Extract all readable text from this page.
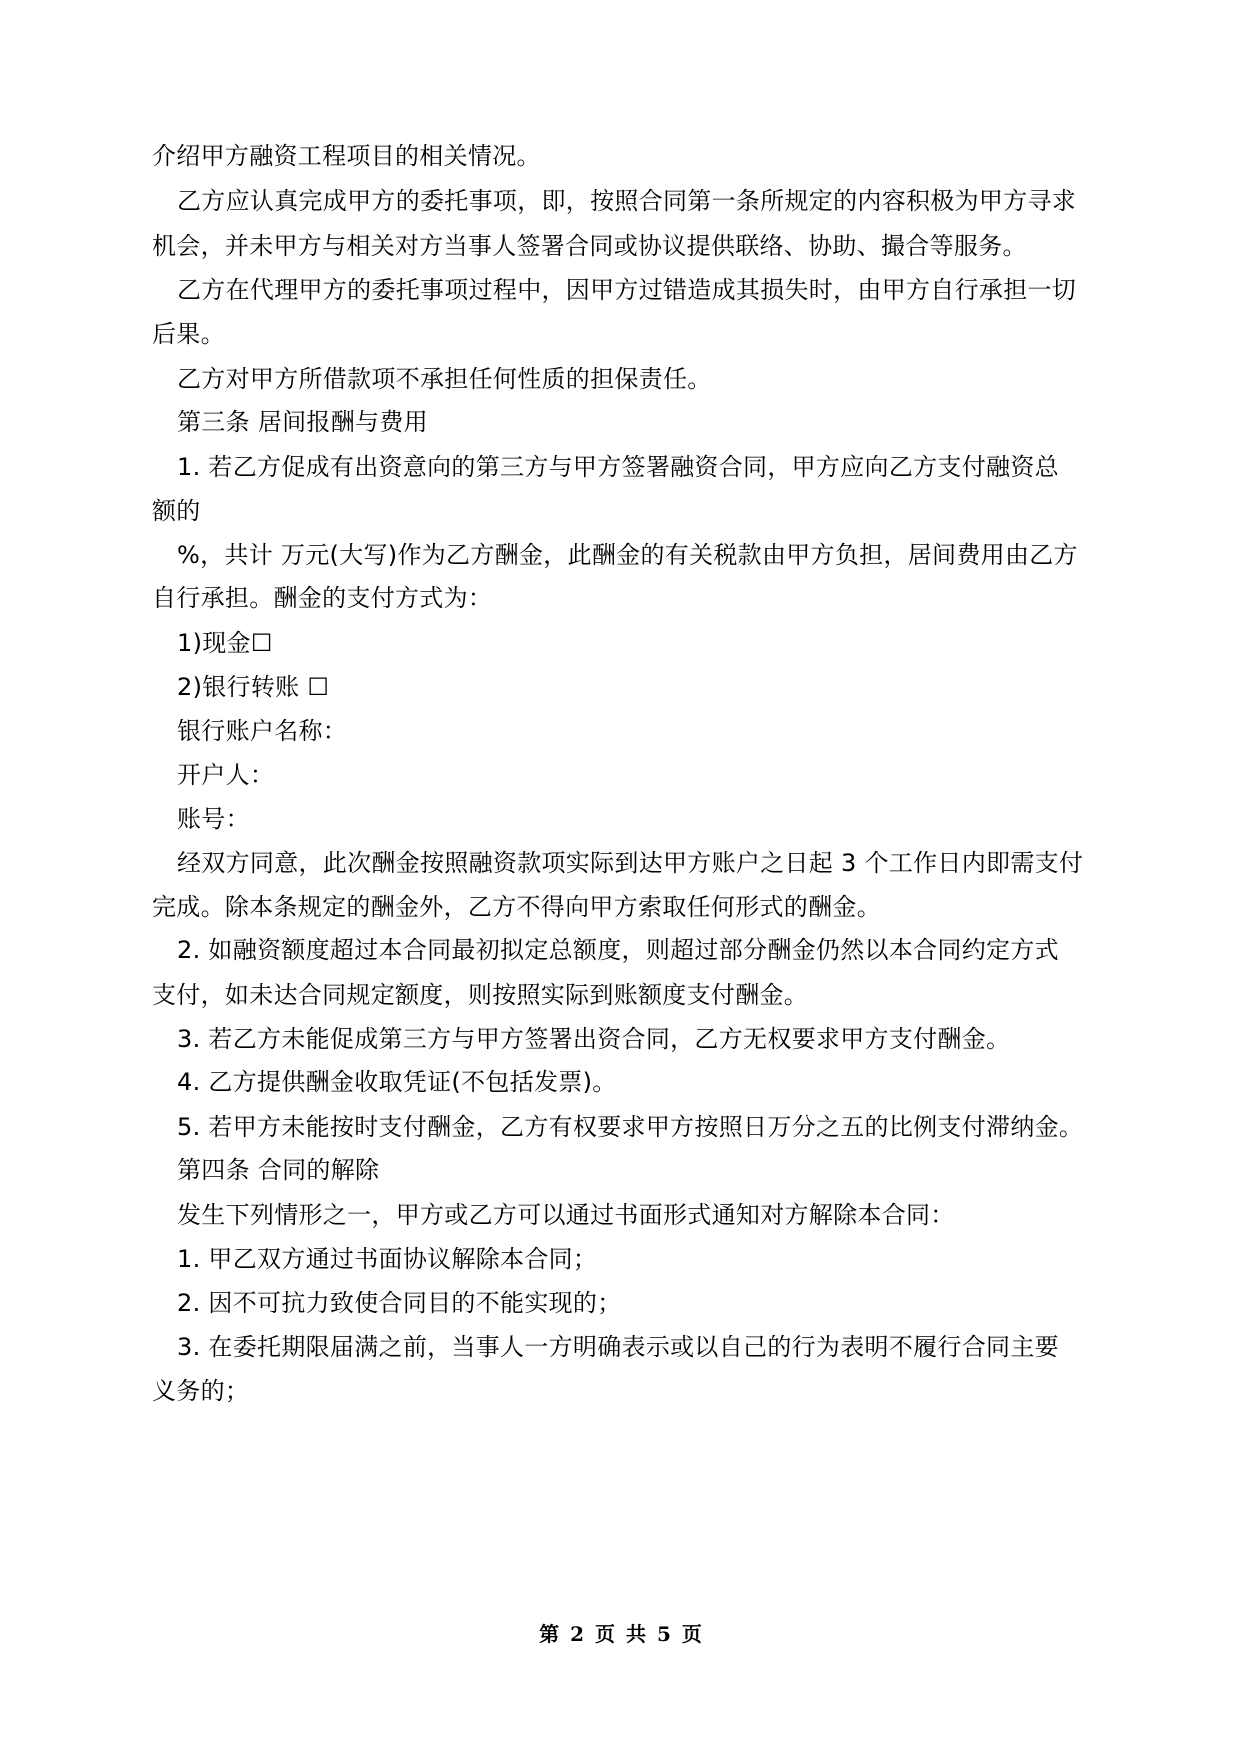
介绍甲方融资工程项目的相关情况。
乙方应认真完成甲方的委托事项，即，按照合同第一条所规定的内容积极为甲方寻求
机会，并未甲方与相关对方当事人签署合同或协议提供联络、协助、撮合等服务。
乙方在代理甲方的委托事项过程中，因甲方过错造成其损失时，由甲方自行承担一切
后果。
乙方对甲方所借款项不承担任何性质的担保责任。
第三条 居间报酬与费用
1. 若乙方促成有出资意向的第三方与甲方签署融资合同，甲方应向乙方支付融资总
额的
%，共计 万元(大写)作为乙方酬金，此酬金的有关税款由甲方负担，居间费用由乙方
自行承担。酬金的支付方式为：
1)现金☐
2)银行转账 ☐
银行账户名称：
开户人：
账号：
经双方同意，此次酬金按照融资款项实际到达甲方账户之日起 3 个工作日内即需支付
完成。除本条规定的酬金外，乙方不得向甲方索取任何形式的酬金。
2. 如融资额度超过本合同最初拟定总额度，则超过部分酬金仍然以本合同约定方式
支付，如未达合同规定额度，则按照实际到账额度支付酬金。
3. 若乙方未能促成第三方与甲方签署出资合同，乙方无权要求甲方支付酬金。
4. 乙方提供酬金收取凭证(不包括发票)。
5. 若甲方未能按时支付酬金，乙方有权要求甲方按照日万分之五的比例支付滞纳金。
第四条 合同的解除
发生下列情形之一，甲方或乙方可以通过书面形式通知对方解除本合同：
1. 甲乙双方通过书面协议解除本合同；
2. 因不可抗力致使合同目的不能实现的；
3. 在委托期限届满之前，当事人一方明确表示或以自己的行为表明不履行合同主要
义务的；
第 2 页 共 5 页
